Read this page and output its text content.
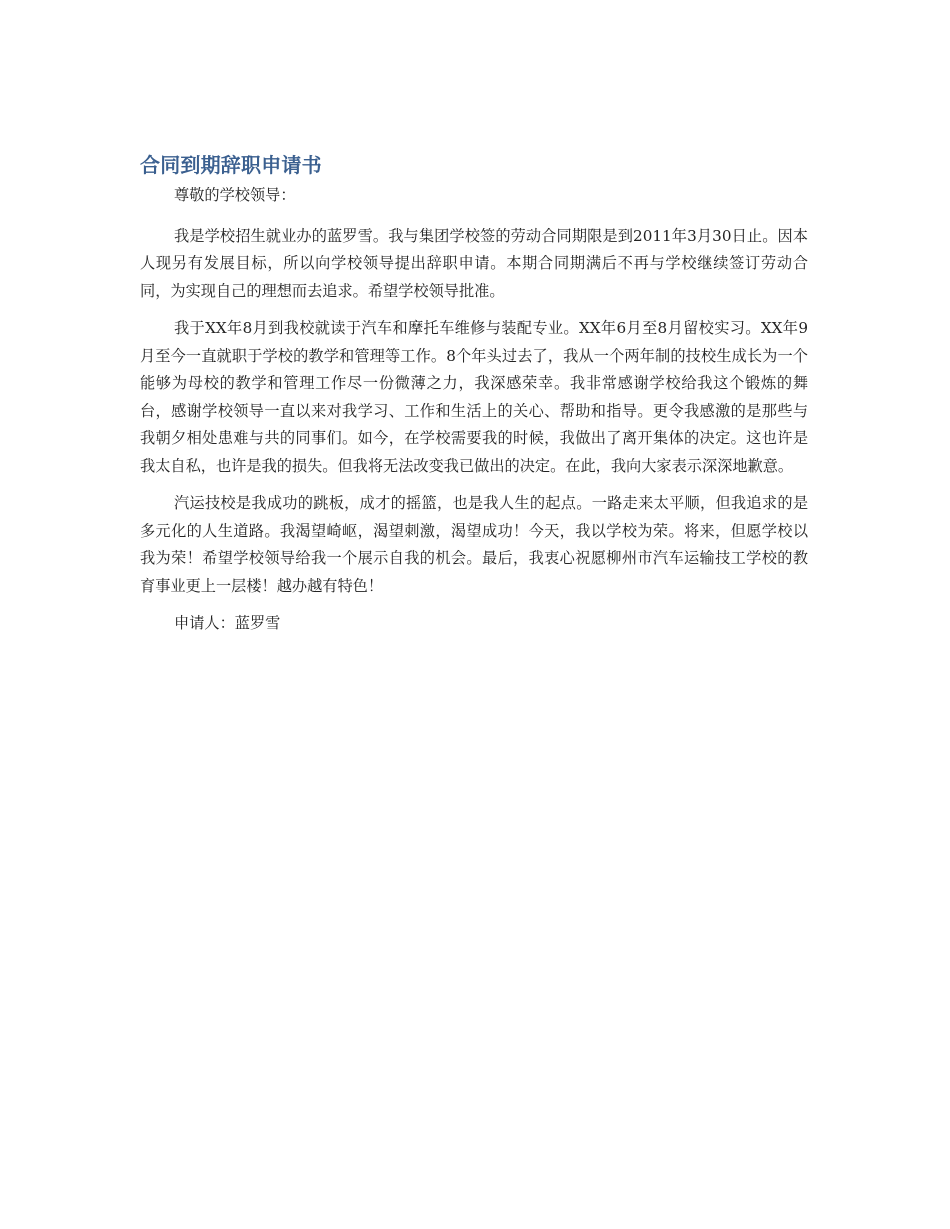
合同到期辞职申请书

尊敬的学校领导：

我是学校招生就业办的蓝罗雪。我与集团学校签的劳动合同期限是到2011年3月30日止。因本人现另有发展目标，所以向学校领导提出辞职申请。本期合同期满后不再与学校继续签订劳动合同，为实现自己的理想而去追求。希望学校领导批准。

我于XX年8月到我校就读于汽车和摩托车维修与装配专业。XX年6月至8月留校实习。XX年9月至今一直就职于学校的教学和管理等工作。8个年头过去了，我从一个两年制的技校生成长为一个能够为母校的教学和管理工作尽一份微薄之力，我深感荣幸。我非常感谢学校给我这个锻炼的舞台，感谢学校领导一直以来对我学习、工作和生活上的关心、帮助和指导。更令我感激的是那些与我朝夕相处患难与共的同事们。如今，在学校需要我的时候，我做出了离开集体的决定。这也许是我太自私，也许是我的损失。但我将无法改变我已做出的决定。在此，我向大家表示深深地歉意。

汽运技校是我成功的跳板，成才的摇篮，也是我人生的起点。一路走来太平顺，但我追求的是多元化的人生道路。我渴望崎岖，渴望刺激，渴望成功！今天，我以学校为荣。将来，但愿学校以我为荣！希望学校领导给我一个展示自我的机会。最后，我衷心祝愿柳州市汽车运输技工学校的教育事业更上一层楼！越办越有特色！

申请人：蓝罗雪
